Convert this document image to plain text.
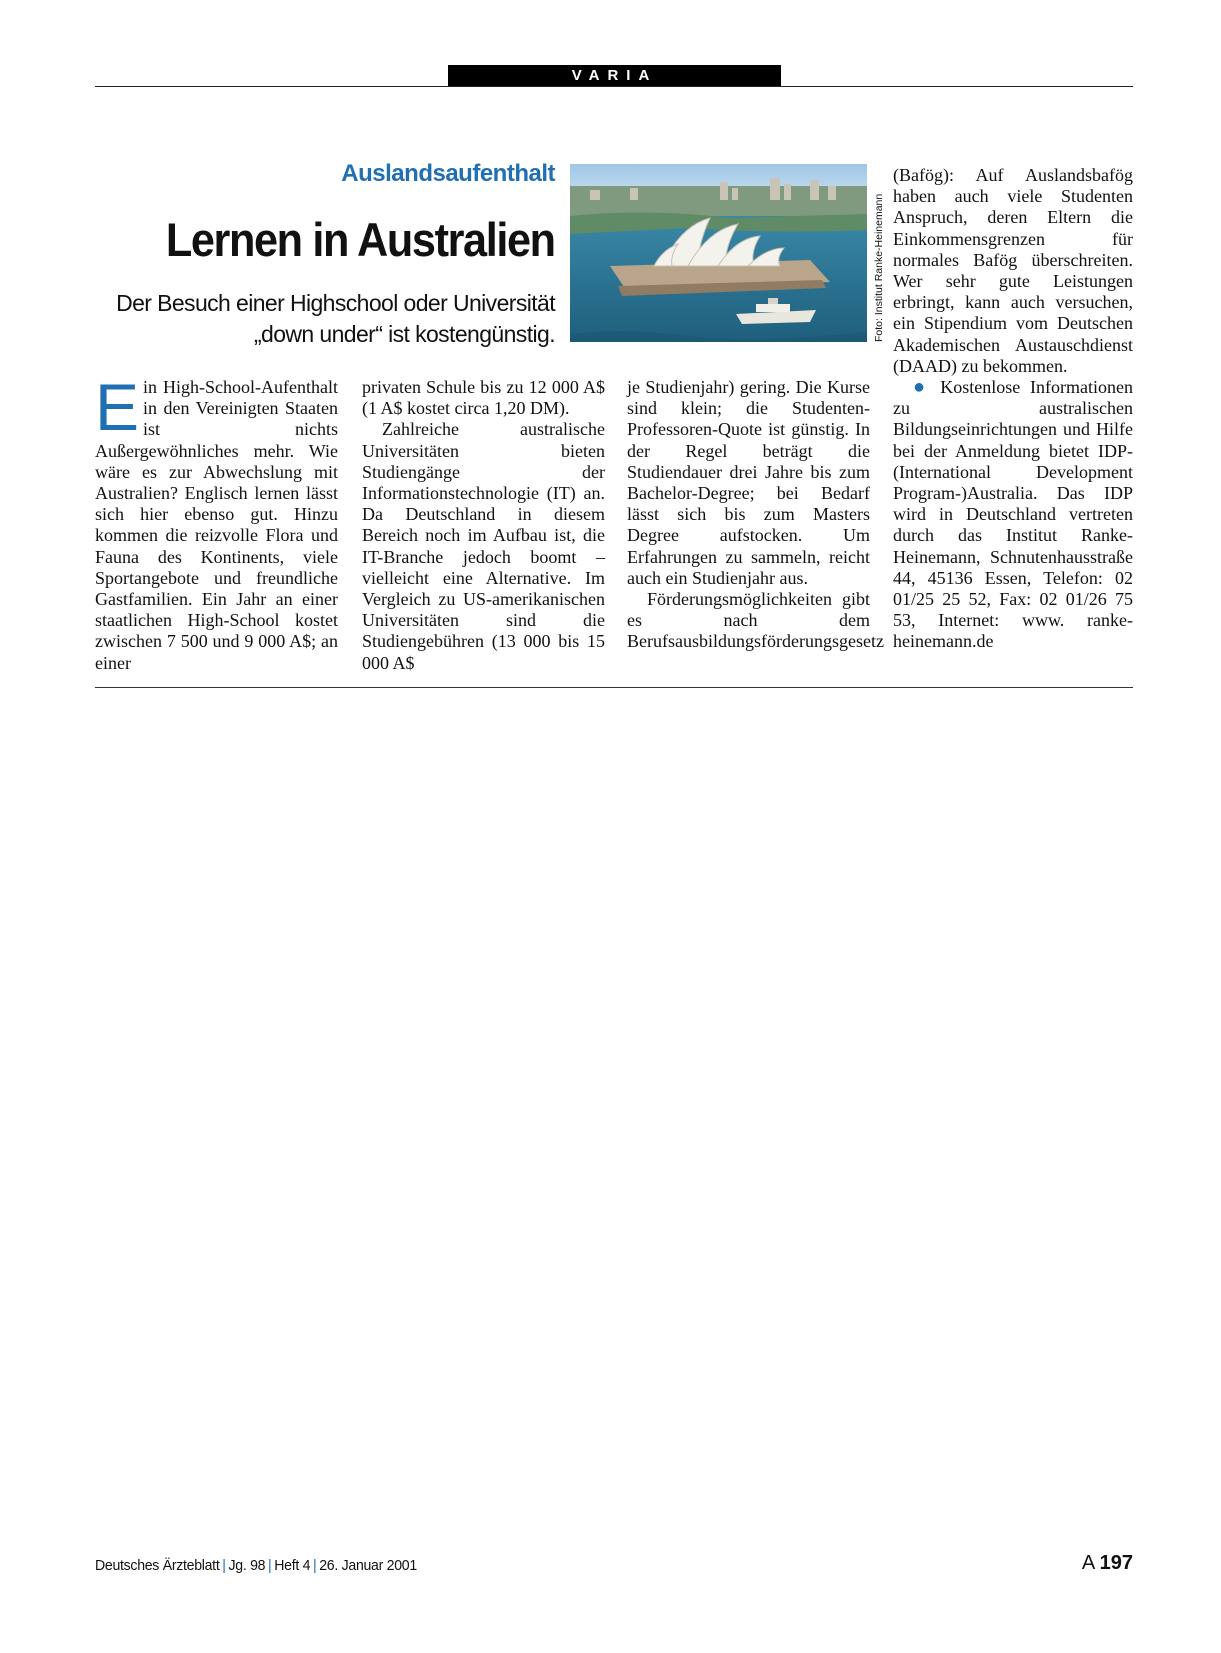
VARIA
Auslandsaufenthalt
Lernen in Australien
Der Besuch einer Highschool oder Universität
„down under“ ist kostengünstig.	Foto: Institut Ranke-Heinemann

Ein High-School-Aufenthalt in den Vereinigten Staaten ist nichts Außergewöhnliches mehr. Wie wäre es zur Abwechslung mit Australien? Englisch lernen lässt sich hier ebenso gut. Hinzu kommen die reizvolle Flora und Fauna des Kontinents, viele Sportangebote und freundliche Gastfamilien. Ein Jahr an einer staatlichen High-School kostet zwischen 7 500 und 9 000 A$; an einer

privaten Schule bis zu 12 000 A$ (1 A$ kostet circa 1,20 DM).

Zahlreiche australische Universitäten bieten Studiengänge der Informationstechnologie (IT) an. Da Deutschland in diesem Bereich noch im Aufbau ist, die IT-Branche jedoch boomt – vielleicht eine Alternative. Im Vergleich zu US-amerikanischen Universitäten sind die Studiengebühren (13 000 bis 15 000 A$

je Studienjahr) gering. Die Kurse sind klein; die Studenten-Professoren-Quote ist günstig. In der Regel beträgt die Studiendauer drei Jahre bis zum Bachelor-Degree; bei Bedarf lässt sich bis zum Masters Degree aufstocken. Um Erfahrungen zu sammeln, reicht auch ein Studienjahr aus.

Förderungsmöglichkeiten gibt es nach dem Berufsausbildungsförderungsgesetz

(Bafög): Auf Auslandsbafög haben auch viele Studenten Anspruch, deren Eltern die Einkommensgrenzen für normales Bafög überschreiten. Wer sehr gute Leistungen erbringt, kann auch versuchen, ein Stipendium vom Deutschen Akademischen Austauschdienst (DAAD) zu bekommen.

● Kostenlose Informationen zu australischen Bildungseinrichtungen und Hilfe bei der Anmeldung bietet IDP-(International Development Program-)Australia. Das IDP wird in Deutschland vertreten durch das Institut Ranke-Heinemann, Schnutenhausstraße 44, 45136 Essen, Telefon: 02 01/25 25 52, Fax: 02 01/26 75 53, Internet: www. ranke-heinemann.de

Deutsches Ärzteblatt | Jg. 98 | Heft 4 | 26. Januar 2001	A 197
